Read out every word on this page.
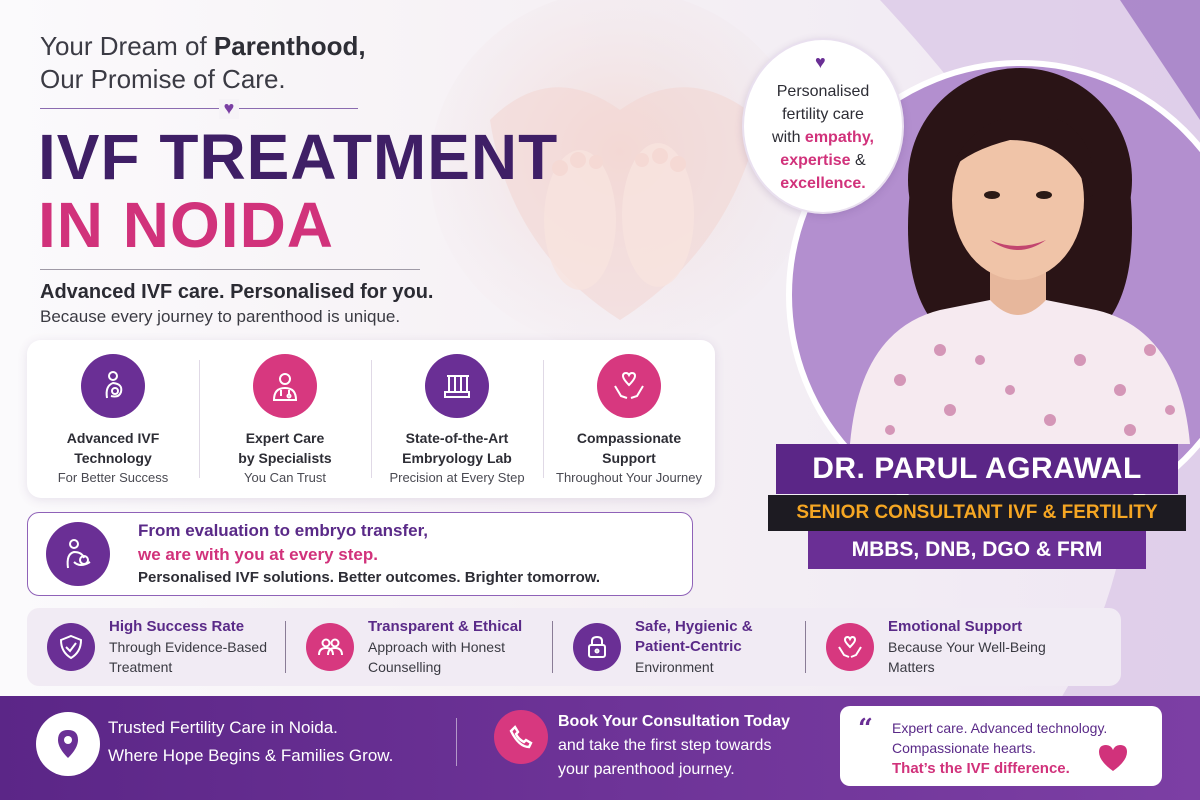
♥
Personalised
fertility care
with empathy,
expertise &
excellence.
Your Dream of Parenthood,
Our Promise of Care.
♥
IVF TREATMENT
IN NOIDA
Advanced IVF care. Personalised for you.
Because every journey to parenthood is unique.
Advanced IVF
Technology
For Better Success
Expert Care
by Specialists
You Can Trust
State-of-the-Art
Embryology Lab
Precision at Every Step
Compassionate
Support
Throughout Your Journey
From evaluation to embryo transfer,
we are with you at every step.
Personalised IVF solutions. Better outcomes. Brighter tomorrow.
High Success Rate
Through Evidence-Based
Treatment
Transparent & Ethical
Approach with Honest
Counselling
Safe, Hygienic &
Patient-Centric
Environment
Emotional Support
Because Your Well-Being
Matters
DR. PARUL AGRAWAL
SENIOR CONSULTANT IVF & FERTILITY
MBBS, DNB, DGO & FRM
Trusted Fertility Care in Noida.
Where Hope Begins & Families Grow.
Book Your Consultation Today
and take the first step towards
your parenthood journey.
“ Expert care. Advanced technology.
Compassionate hearts.
That’s the IVF difference.
